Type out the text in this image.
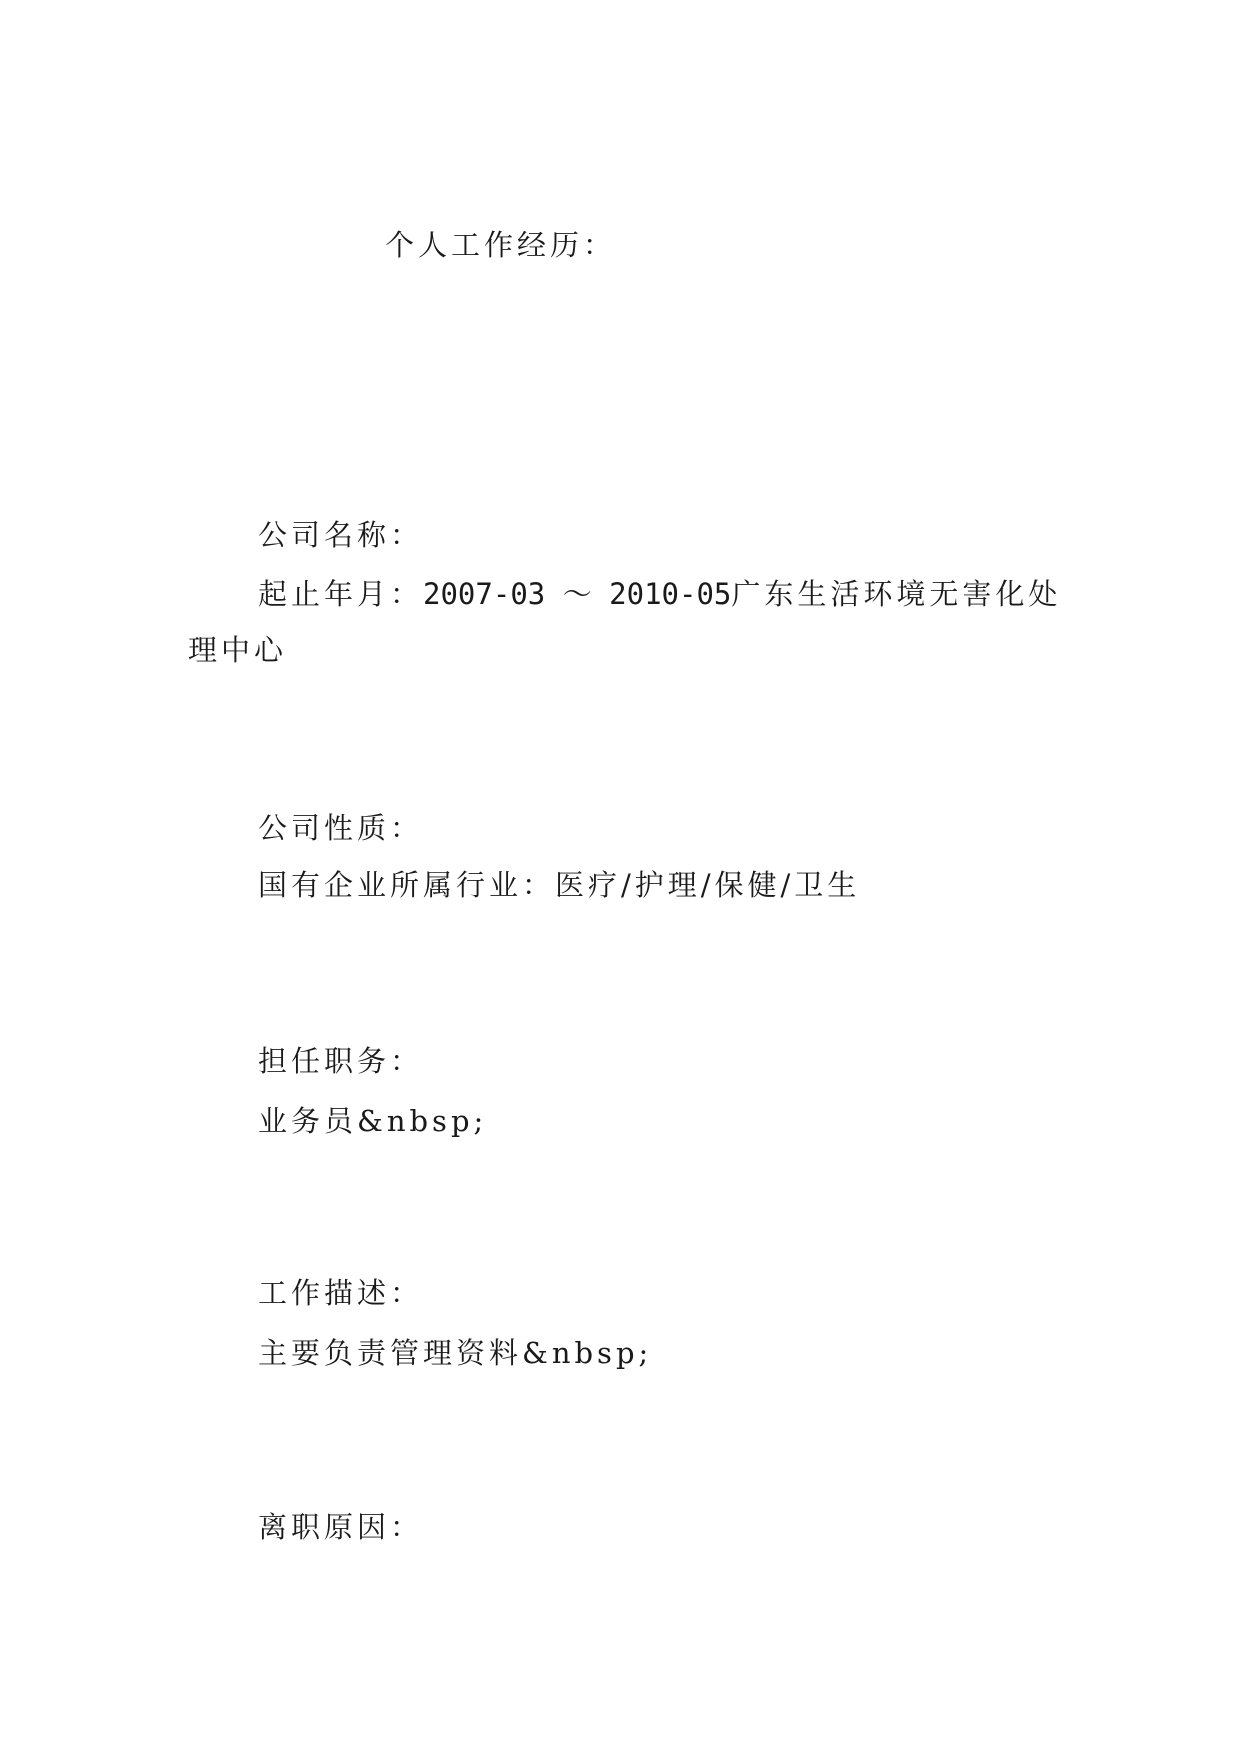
个人工作经历：
公司名称：
起止年月：2007-03 ～ 2010-05广东生活环境无害化处
理中心
公司性质：
国有企业所属行业：医疗/护理/保健/卫生
担任职务：
业务员&nbsp;
工作描述：
主要负责管理资料&nbsp;
离职原因：
